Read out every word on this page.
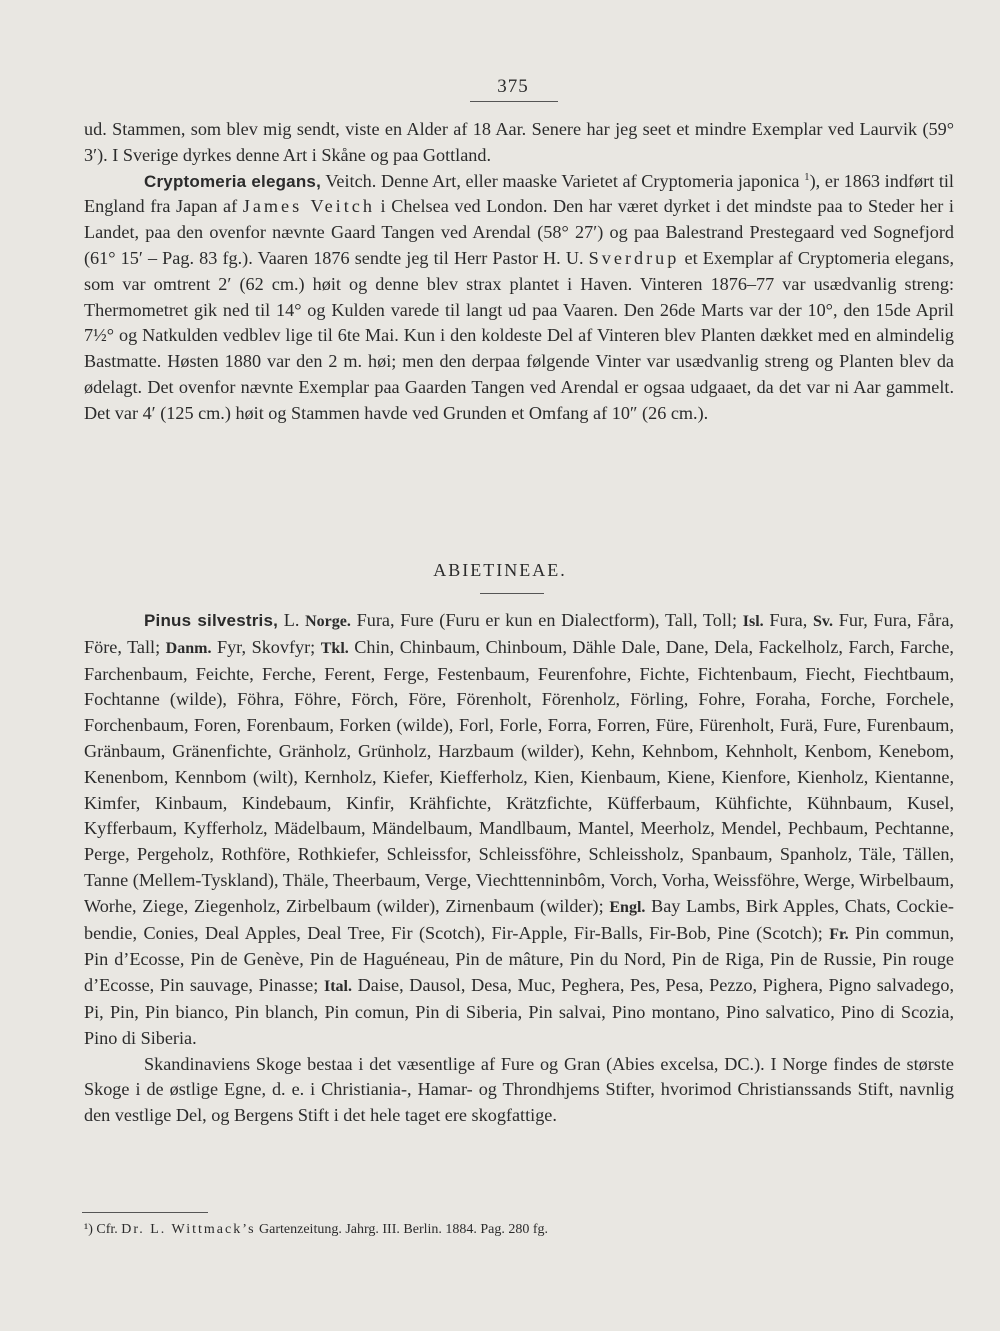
375

ud. Stammen, som blev mig sendt, viste en Alder af 18 Aar. Senere har jeg seet et mindre Exemplar ved Laurvik (59° 3′). I Sverige dyrkes denne Art i Skåne og paa Gottland.

Cryptomeria elegans, Veitch. Denne Art, eller maaske Varietet af Cryptomeria japonica $^1$), er 1863 indført til England fra Japan af James Veitch i Chelsea ved London. Den har været dyrket i det mindste paa to Steder her i Landet, paa den ovenfor nævnte Gaard Tangen ved Arendal (58° 27′) og paa Balestrand Prestegaard ved Sognefjord (61° 15′ – Pag. 83 fg.). Vaaren 1876 sendte jeg til Herr Pastor H. U. Sverdrup et Exemplar af Cryptomeria elegans, som var omtrent 2′ (62 cm.) høit og denne blev strax plantet i Haven. Vinteren 1876–77 var usædvanlig streng: Thermometret gik ned til 14° og Kulden varede til langt ud paa Vaaren. Den 26de Marts var der 10°, den 15de April 7½° og Natkulden vedblev lige til 6te Mai. Kun i den koldeste Del af Vinteren blev Planten dækket med en almindelig Bastmatte. Høsten 1880 var den 2 m. høi; men den derpaa følgende Vinter var usædvanlig streng og Planten blev da ødelagt. Det ovenfor nævnte Exemplar paa Gaarden Tangen ved Arendal er ogsaa udgaaet, da det var ni Aar gammelt. Det var 4′ (125 cm.) høit og Stammen havde ved Grunden et Omfang af 10″ (26 cm.).

ABIETINEAE.

Pinus silvestris, L. Norge. Fura, Fure (Furu er kun en Dialectform), Tall, Toll; Isl. Fura, Sv. Fur, Fura, Fåra, Före, Tall; Danm. Fyr, Skovfyr; Tkl. Chin, Chinbaum, Chinboum, Dähle Dale, Dane, Dela, Fackelholz, Farch, Farche, Farchenbaum, Feichte, Ferche, Ferent, Ferge, Festenbaum, Feurenfohre, Fichte, Fichtenbaum, Fiecht, Fiechtbaum, Fochtanne (wilde), Föhra, Föhre, Förch, Före, Förenholt, Förenholz, Förling, Fohre, Foraha, Forche, Forchele, Forchenbaum, Foren, Forenbaum, Forken (wilde), Forl, Forle, Forra, Forren, Füre, Fürenholt, Furä, Fure, Furenbaum, Gränbaum, Gränenfichte, Gränholz, Grünholz, Harzbaum (wilder), Kehn, Kehnbom, Kehnholt, Kenbom, Kenebom, Kenenbom, Kennbom (wilt), Kernholz, Kiefer, Kiefferholz, Kien, Kienbaum, Kiene, Kienfore, Kienholz, Kientanne, Kimfer, Kinbaum, Kindebaum, Kinfir, Krähfichte, Krätzfichte, Küfferbaum, Kühfichte, Kühnbaum, Kusel, Kyfferbaum, Kyfferholz, Mädelbaum, Mändelbaum, Mandlbaum, Mantel, Meerholz, Mendel, Pechbaum, Pechtanne, Perge, Pergeholz, Rothföre, Rothkiefer, Schleissfor, Schleissföhre, Schleissholz, Spanbaum, Spanholz, Täle, Tällen, Tanne (Mellem-Tyskland), Thäle, Theerbaum, Verge, Viechttenninbôm, Vorch, Vorha, Weissföhre, Werge, Wirbelbaum, Worhe, Ziege, Ziegenholz, Zirbelbaum (wilder), Zirnenbaum (wilder); Engl. Bay Lambs, Birk Apples, Chats, Cockie-bendie, Conies, Deal Apples, Deal Tree, Fir (Scotch), Fir-Apple, Fir-Balls, Fir-Bob, Pine (Scotch); Fr. Pin commun, Pin d’Ecosse, Pin de Genève, Pin de Haguéneau, Pin de mâture, Pin du Nord, Pin de Riga, Pin de Russie, Pin rouge d’Ecosse, Pin sauvage, Pinasse; Ital. Daise, Dausol, Desa, Muc, Peghera, Pes, Pesa, Pezzo, Pighera, Pigno salvadego, Pi, Pin, Pin bianco, Pin blanch, Pin comun, Pin di Siberia, Pin salvai, Pino montano, Pino salvatico, Pino di Scozia, Pino di Siberia.

Skandinaviens Skoge bestaa i det væsentlige af Fure og Gran (Abies excelsa, DC.). I Norge findes de største Skoge i de østlige Egne, d. e. i Christiania-, Hamar- og Throndhjems Stifter, hvorimod Christianssands Stift, navnlig den vestlige Del, og Bergens Stift i det hele taget ere skogfattige.

¹) Cfr. Dr. L. Wittmack’s Gartenzeitung. Jahrg. III. Berlin. 1884. Pag. 280 fg.
